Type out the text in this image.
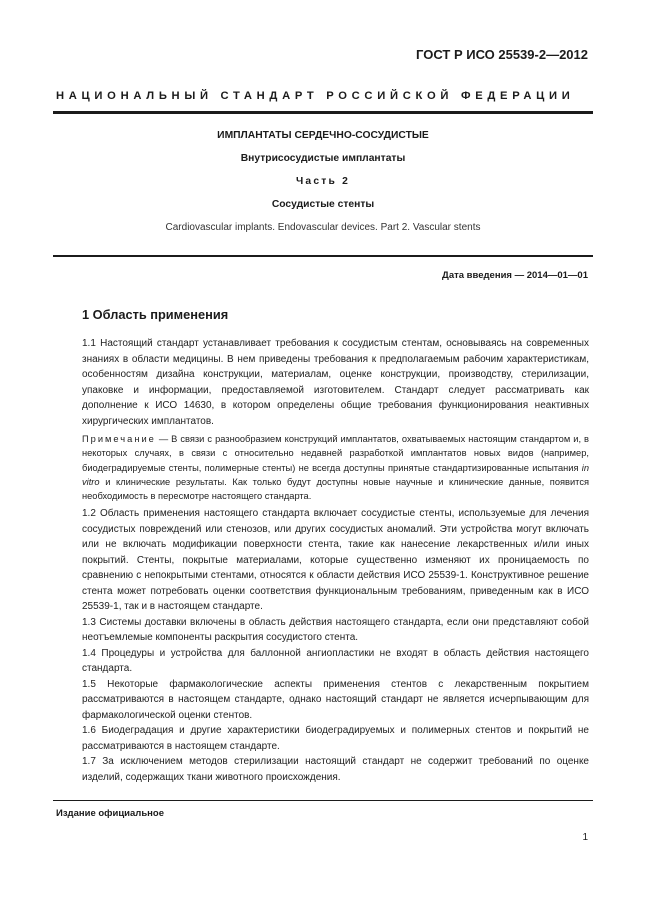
ГОСТ Р ИСО 25539-2—2012
НАЦИОНАЛЬНЫЙ СТАНДАРТ РОССИЙСКОЙ ФЕДЕРАЦИИ
ИМПЛАНТАТЫ СЕРДЕЧНО-СОСУДИСТЫЕ
Внутрисосудистые имплантаты
Часть 2
Сосудистые стенты
Cardiovascular implants. Endovascular devices. Part 2. Vascular stents
Дата введения — 2014—01—01
1 Область применения

1.1 Настоящий стандарт устанавливает требования к сосудистым стентам, основываясь на современных знаниях в области медицины. В нем приведены требования к предполагаемым рабочим характеристикам, особенностям дизайна конструкции, материалам, оценке конструкции, производству, стерилизации, упаковке и информации, предоставляемой изготовителем. Стандарт следует рассматривать как дополнение к ИСО 14630, в котором определены общие требования функционирования неактивных хирургических имплантатов.

Примечание — В связи с разнообразием конструкций имплантатов, охватываемых настоящим стандартом и, в некоторых случаях, в связи с относительно недавней разработкой имплантатов новых видов (например, биодеградируемые стенты, полимерные стенты) не всегда доступны принятые стандартизированные испытания in vitro и клинические результаты. Как только будут доступны новые научные и клинические данные, появится необходимость в пересмотре настоящего стандарта.

1.2 Область применения настоящего стандарта включает сосудистые стенты, используемые для лечения сосудистых повреждений или стенозов, или других сосудистых аномалий. Эти устройства могут включать или не включать модификации поверхности стента, такие как нанесение лекарственных и/или иных покрытий. Стенты, покрытые материалами, которые существенно изменяют их проницаемость по сравнению с непокрытыми стентами, относятся к области действия ИСО 25539-1. Конструктивное решение стента может потребовать оценки соответствия функциональным требованиям, приведенным как в ИСО 25539-1, так и в настоящем стандарте.

1.3 Системы доставки включены в область действия настоящего стандарта, если они представляют собой неотъемлемые компоненты раскрытия сосудистого стента.

1.4 Процедуры и устройства для баллонной ангиопластики не входят в область действия настоящего стандарта.

1.5 Некоторые фармакологические аспекты применения стентов с лекарственным покрытием рассматриваются в настоящем стандарте, однако настоящий стандарт не является исчерпывающим для фармакологической оценки стентов.

1.6 Биодеградация и другие характеристики биодеградируемых и полимерных стентов и покрытий не рассматриваются в настоящем стандарте.

1.7 За исключением методов стерилизации настоящий стандарт не содержит требований по оценке изделий, содержащих ткани животного происхождения.

Издание официальное
1
